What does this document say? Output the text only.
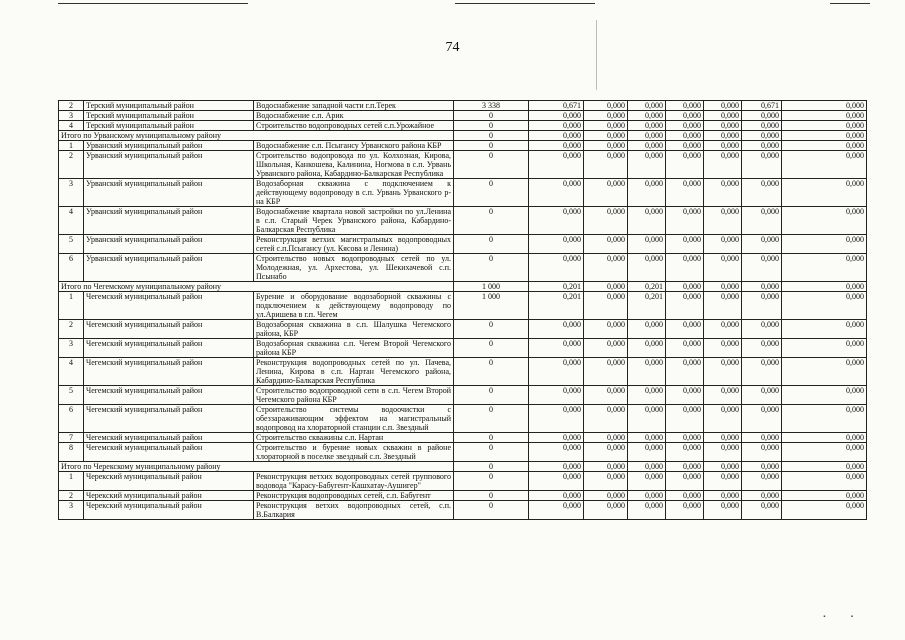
74
2	Терский муниципальный район	Водоснабжение западной части г.п.Терек	3 338	0,671	0,000	0,000	0,000	0,000	0,671	0,000
3	Терский муниципальный район	Водоснабжение с.п. Арик	0	0,000	0,000	0,000	0,000	0,000	0,000	0,000
4	Терский муниципальный район	Строительство водопроводных сетей с.п.Урожайное	0	0,000	0,000	0,000	0,000	0,000	0,000	0,000
Итого по Урванскому муниципальному району			0	0,000	0,000	0,000	0,000	0,000	0,000	0,000
1	Урванский муниципальный район	Водоснабжение с.п. Псыгансу Урванского района КБР	0	0,000	0,000	0,000	0,000	0,000	0,000	0,000
2	Урванский муниципальный район	Строительство водопровода по ул. Колхозная, Кирова, Школьная, Канкошева, Калинина, Ногмова в с.п. Урвань Урванского района, Кабардино-Балкарская Республика	0	0,000	0,000	0,000	0,000	0,000	0,000	0,000
3	Урванский муниципальный район	Водозаборная скважина с подключением к действующему водопроводу в с.п. Урвань Урванского р-на КБР	0	0,000	0,000	0,000	0,000	0,000	0,000	0,000
4	Урванский муниципальный район	Водоснабжение квартала новой застройки по ул.Ленина в с.п. Старый Черек Урванского района, Кабардино-Балкарская Республика	0	0,000	0,000	0,000	0,000	0,000	0,000	0,000
5	Урванский муниципальный район	Реконструкция ветхих магистральных водопроводных сетей с.п.Псыгансу (ул. Кясова и Ленина)	0	0,000	0,000	0,000	0,000	0,000	0,000	0,000
6	Урванский муниципальный район	Строительство новых водопроводных сетей по ул. Молодежная, ул. Архестова, ул. Шекихачевой с.п. Псынабо	0	0,000	0,000	0,000	0,000	0,000	0,000	0,000
Итого по Чегемскому муниципальному району			1 000	0,201	0,000	0,201	0,000	0,000	0,000	0,000
1	Чегемский муниципальный район	Бурение и оборудование водозаборной скважины с подключением к действующему водопроводу по ул.Аришева в г.п. Чегем	1 000	0,201	0,000	0,201	0,000	0,000	0,000	0,000
2	Чегемский муниципальный район	Водозаборная скважина в с.п. Шалушка Чегемского района, КБР	0	0,000	0,000	0,000	0,000	0,000	0,000	0,000
3	Чегемский муниципальный район	Водозаборная скважина с.п. Чегем Второй Чегемского района КБР	0	0,000	0,000	0,000	0,000	0,000	0,000	0,000
4	Чегемский муниципальный район	Реконструкция водопроводных сетей по ул. Пачева, Ленина, Кирова в с.п. Нартан Чегемского района, Кабардино-Балкарская Республика	0	0,000	0,000	0,000	0,000	0,000	0,000	0,000
5	Чегемский муниципальный район	Строительство водопроводной сети в с.п. Чегем Второй Чегемского района КБР	0	0,000	0,000	0,000	0,000	0,000	0,000	0,000
6	Чегемский муниципальный район	Строительство системы водоочистки с обеззараживающим эффектом на магистральный водопровод на хлораторной станции с.п. Звездный	0	0,000	0,000	0,000	0,000	0,000	0,000	0,000
7	Чегемский муниципальный район	Строительство скважины с.п. Нартан	0	0,000	0,000	0,000	0,000	0,000	0,000	0,000
8	Чегемский муниципальный район	Строительство и бурение новых скважин в районе хлораторной в поселке звездный с.п. Звездный	0	0,000	0,000	0,000	0,000	0,000	0,000	0,000
Итого по Черекскому муниципальному району			0	0,000	0,000	0,000	0,000	0,000	0,000	0,000
1	Черекский муниципальный район	Реконструкция ветхих водопроводных сетей группового водовода "Карасу-Бабугент-Кашхатау-Аушигер"	0	0,000	0,000	0,000	0,000	0,000	0,000	0,000
2	Черекский муниципальный район	Реконструкция водопроводных сетей, с.п. Бабугент	0	0,000	0,000	0,000	0,000	0,000	0,000	0,000
3	Черекский муниципальный район	Реконструкция ветхих водопроводных сетей, с.п. В.Балкария	0	0,000	0,000	0,000	0,000	0,000	0,000	0,000
▪ ▪
